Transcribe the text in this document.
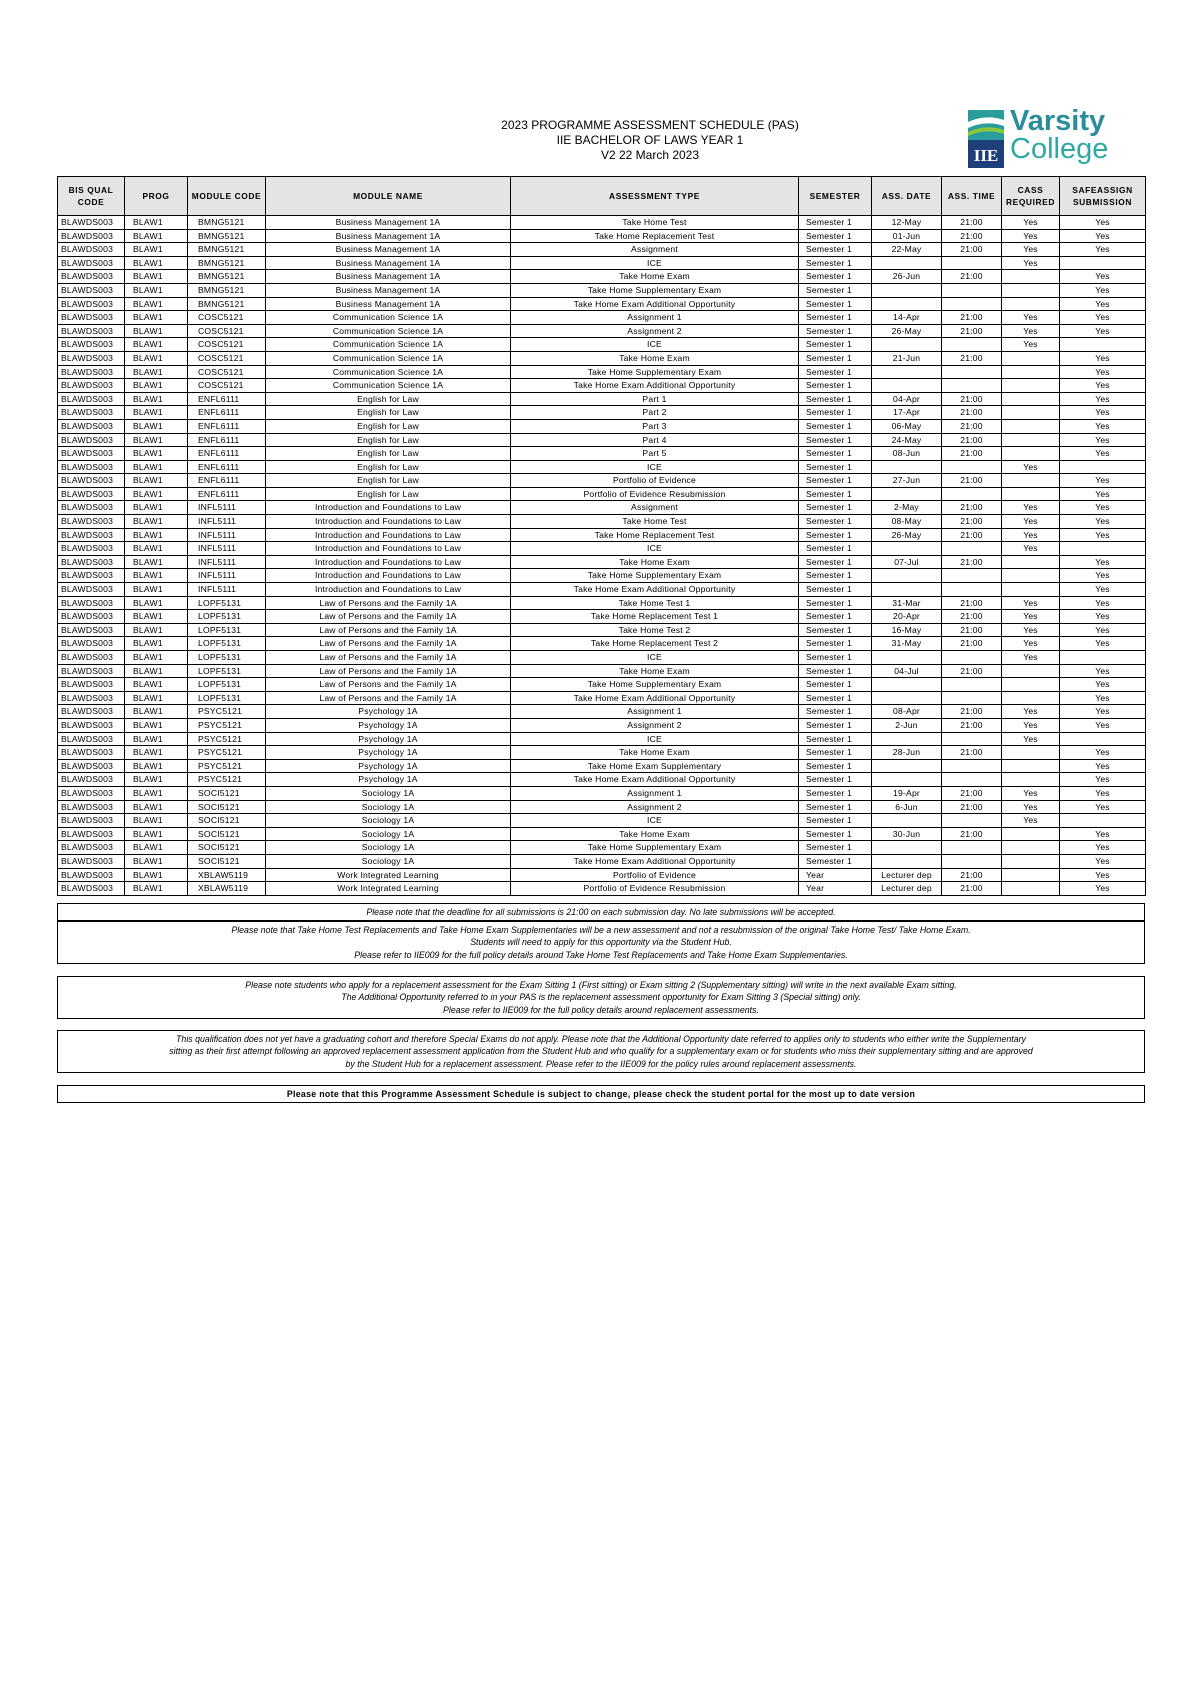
2023 PROGRAMME ASSESSMENT SCHEDULE (PAS)
IIE BACHELOR OF LAWS YEAR 1
V2 22 March 2023	IIE
Varsity
College
BIS QUAL CODE	PROG	MODULE CODE	MODULE NAME	ASSESSMENT TYPE	SEMESTER	ASS. DATE	ASS. TIME	CASS REQUIRED	SAFEASSIGN SUBMISSION
BLAWDS003	BLAW1	BMNG5121	Business Management 1A	Take Home Test	Semester 1	12-May	21:00	Yes	Yes
BLAWDS003	BLAW1	BMNG5121	Business Management 1A	Take Home Replacement Test	Semester 1	01-Jun	21:00	Yes	Yes
BLAWDS003	BLAW1	BMNG5121	Business Management 1A	Assignment	Semester 1	22-May	21:00	Yes	Yes
BLAWDS003	BLAW1	BMNG5121	Business Management 1A	ICE	Semester 1			Yes	
BLAWDS003	BLAW1	BMNG5121	Business Management 1A	Take Home Exam	Semester 1	26-Jun	21:00		Yes
BLAWDS003	BLAW1	BMNG5121	Business Management 1A	Take Home Supplementary Exam	Semester 1				Yes
BLAWDS003	BLAW1	BMNG5121	Business Management 1A	Take Home Exam Additional Opportunity	Semester 1				Yes
BLAWDS003	BLAW1	COSC5121	Communication Science 1A	Assignment 1	Semester 1	14-Apr	21:00	Yes	Yes
BLAWDS003	BLAW1	COSC5121	Communication Science 1A	Assignment 2	Semester 1	26-May	21:00	Yes	Yes
BLAWDS003	BLAW1	COSC5121	Communication Science 1A	ICE	Semester 1			Yes	
BLAWDS003	BLAW1	COSC5121	Communication Science 1A	Take Home Exam	Semester 1	21-Jun	21:00		Yes
BLAWDS003	BLAW1	COSC5121	Communication Science 1A	Take Home Supplementary Exam	Semester 1				Yes
BLAWDS003	BLAW1	COSC5121	Communication Science 1A	Take Home Exam Additional Opportunity	Semester 1				Yes
BLAWDS003	BLAW1	ENFL6111	English for Law	Part 1	Semester 1	04-Apr	21:00		Yes
BLAWDS003	BLAW1	ENFL6111	English for Law	Part 2	Semester 1	17-Apr	21:00		Yes
BLAWDS003	BLAW1	ENFL6111	English for Law	Part 3	Semester 1	06-May	21:00		Yes
BLAWDS003	BLAW1	ENFL6111	English for Law	Part 4	Semester 1	24-May	21:00		Yes
BLAWDS003	BLAW1	ENFL6111	English for Law	Part 5	Semester 1	08-Jun	21:00		Yes
BLAWDS003	BLAW1	ENFL6111	English for Law	ICE	Semester 1			Yes	
BLAWDS003	BLAW1	ENFL6111	English for Law	Portfolio of Evidence	Semester 1	27-Jun	21:00		Yes
BLAWDS003	BLAW1	ENFL6111	English for Law	Portfolio of Evidence Resubmission	Semester 1				Yes
BLAWDS003	BLAW1	INFL5111	Introduction and Foundations to Law	Assignment	Semester 1	2-May	21:00	Yes	Yes
BLAWDS003	BLAW1	INFL5111	Introduction and Foundations to Law	Take Home Test	Semester 1	08-May	21:00	Yes	Yes
BLAWDS003	BLAW1	INFL5111	Introduction and Foundations to Law	Take Home Replacement Test	Semester 1	26-May	21:00	Yes	Yes
BLAWDS003	BLAW1	INFL5111	Introduction and Foundations to Law	ICE	Semester 1			Yes	
BLAWDS003	BLAW1	INFL5111	Introduction and Foundations to Law	Take Home Exam	Semester 1	07-Jul	21:00		Yes
BLAWDS003	BLAW1	INFL5111	Introduction and Foundations to Law	Take Home Supplementary Exam	Semester 1				Yes
BLAWDS003	BLAW1	INFL5111	Introduction and Foundations to Law	Take Home Exam Additional Opportunity	Semester 1				Yes
BLAWDS003	BLAW1	LOPF5131	Law of Persons and the Family 1A	Take Home Test 1	Semester 1	31-Mar	21:00	Yes	Yes
BLAWDS003	BLAW1	LOPF5131	Law of Persons and the Family 1A	Take Home Replacement Test 1	Semester 1	20-Apr	21:00	Yes	Yes
BLAWDS003	BLAW1	LOPF5131	Law of Persons and the Family 1A	Take Home Test 2	Semester 1	16-May	21:00	Yes	Yes
BLAWDS003	BLAW1	LOPF5131	Law of Persons and the Family 1A	Take Home Replacement Test 2	Semester 1	31-May	21:00	Yes	Yes
BLAWDS003	BLAW1	LOPF5131	Law of Persons and the Family 1A	ICE	Semester 1			Yes	
BLAWDS003	BLAW1	LOPF5131	Law of Persons and the Family 1A	Take Home Exam	Semester 1	04-Jul	21:00		Yes
BLAWDS003	BLAW1	LOPF5131	Law of Persons and the Family 1A	Take Home Supplementary Exam	Semester 1				Yes
BLAWDS003	BLAW1	LOPF5131	Law of Persons and the Family 1A	Take Home Exam Additional Opportunity	Semester 1				Yes
BLAWDS003	BLAW1	PSYC5121	Psychology 1A	Assignment 1	Semester 1	08-Apr	21:00	Yes	Yes
BLAWDS003	BLAW1	PSYC5121	Psychology 1A	Assignment 2	Semester 1	2-Jun	21:00	Yes	Yes
BLAWDS003	BLAW1	PSYC5121	Psychology 1A	ICE	Semester 1			Yes	
BLAWDS003	BLAW1	PSYC5121	Psychology 1A	Take Home Exam	Semester 1	28-Jun	21:00		Yes
BLAWDS003	BLAW1	PSYC5121	Psychology 1A	Take Home Exam Supplementary	Semester 1				Yes
BLAWDS003	BLAW1	PSYC5121	Psychology 1A	Take Home Exam Additional Opportunity	Semester 1				Yes
BLAWDS003	BLAW1	SOCI5121	Sociology 1A	Assignment 1	Semester 1	19-Apr	21:00	Yes	Yes
BLAWDS003	BLAW1	SOCI5121	Sociology 1A	Assignment 2	Semester 1	6-Jun	21:00	Yes	Yes
BLAWDS003	BLAW1	SOCI5121	Sociology 1A	ICE	Semester 1			Yes	
BLAWDS003	BLAW1	SOCI5121	Sociology 1A	Take Home Exam	Semester 1	30-Jun	21:00		Yes
BLAWDS003	BLAW1	SOCI5121	Sociology 1A	Take Home Supplementary Exam	Semester 1				Yes
BLAWDS003	BLAW1	SOCI5121	Sociology 1A	Take Home Exam Additional Opportunity	Semester 1				Yes
BLAWDS003	BLAW1	XBLAW5119	Work Integrated Learning	Portfolio of Evidence	Year	Lecturer dep	21:00		Yes
BLAWDS003	BLAW1	XBLAW5119	Work Integrated Learning	Portfolio of Evidence Resubmission	Year	Lecturer dep	21:00		Yes
Please note that the deadline for all submissions is 21:00 on each submission day. No late submissions will be accepted.
Please note that Take Home Test Replacements and Take Home Exam Supplementaries will be a new assessment and not a resubmission of the original Take Home Test/ Take Home Exam.
Students will need to apply for this opportunity via the Student Hub.
Please refer to IIE009 for the full policy details around Take Home Test Replacements and Take Home Exam Supplementaries.
Please note students who apply for a replacement assessment for the Exam Sitting 1 (First sitting) or Exam sitting 2 (Supplementary sitting) will write in the next available Exam sitting.
The Additional Opportunity referred to in your PAS is the replacement assessment opportunity for Exam Sitting 3 (Special sitting) only.
Please refer to IIE009 for the full policy details around replacement assessments.
This qualification does not yet have a graduating cohort and therefore Special Exams do not apply. Please note that the Additional Opportunity date referred to applies only to students who either write the Supplementary
sitting as their first attempt following an approved replacement assessment application from the Student Hub and who qualify for a supplementary exam or for students who miss their supplementary sitting and are approved
by the Student Hub for a replacement assessment. Please refer to the IIE009 for the policy rules around replacement assessments.
Please note that this Programme Assessment Schedule is subject to change, please check the student portal for the most up to date version
